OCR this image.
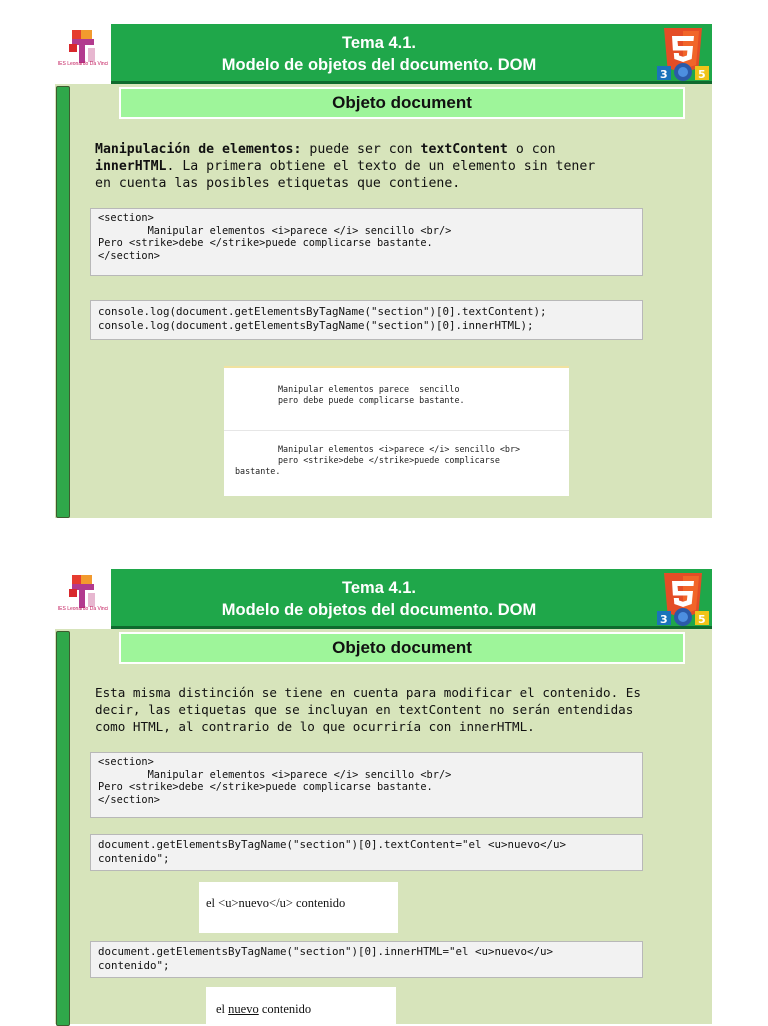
IES Leonardo Da Vinci
Tema 4.1.
Modelo de objetos del documento. DOM
Objeto document
Manipulación de elementos: puede ser con textContent o con
innerHTML. La primera obtiene el texto de un elemento sin tener
en cuenta las posibles etiquetas que contiene.
<section>
Manipular elementos <i>parece </i> sencillo <br/>
Pero <strike>debe </strike>puede complicarse bastante.
</section>
console.log(document.getElementsByTagName("section")[0].textContent);
console.log(document.getElementsByTagName("section")[0].innerHTML);
Manipular elementos parece  sencillo
pero debe puede complicarse bastante.
Manipular elementos <i>parece </i> sencillo <br>
pero <strike>debe </strike>puede complicarse
bastante.
IES Leonardo Da Vinci
Tema 4.1.
Modelo de objetos del documento. DOM
Objeto document
Esta misma distinción se tiene en cuenta para modificar el contenido. Es
decir, las etiquetas que se incluyan en textContent no serán entendidas
como HTML, al contrario de lo que ocurriría con innerHTML.
<section>
Manipular elementos <i>parece </i> sencillo <br/>
Pero <strike>debe </strike>puede complicarse bastante.
</section>
document.getElementsByTagName("section")[0].textContent="el <u>nuevo</u>
contenido";
el <u>nuevo</u> contenido
document.getElementsByTagName("section")[0].innerHTML="el <u>nuevo</u>
contenido";
el nuevo contenido
